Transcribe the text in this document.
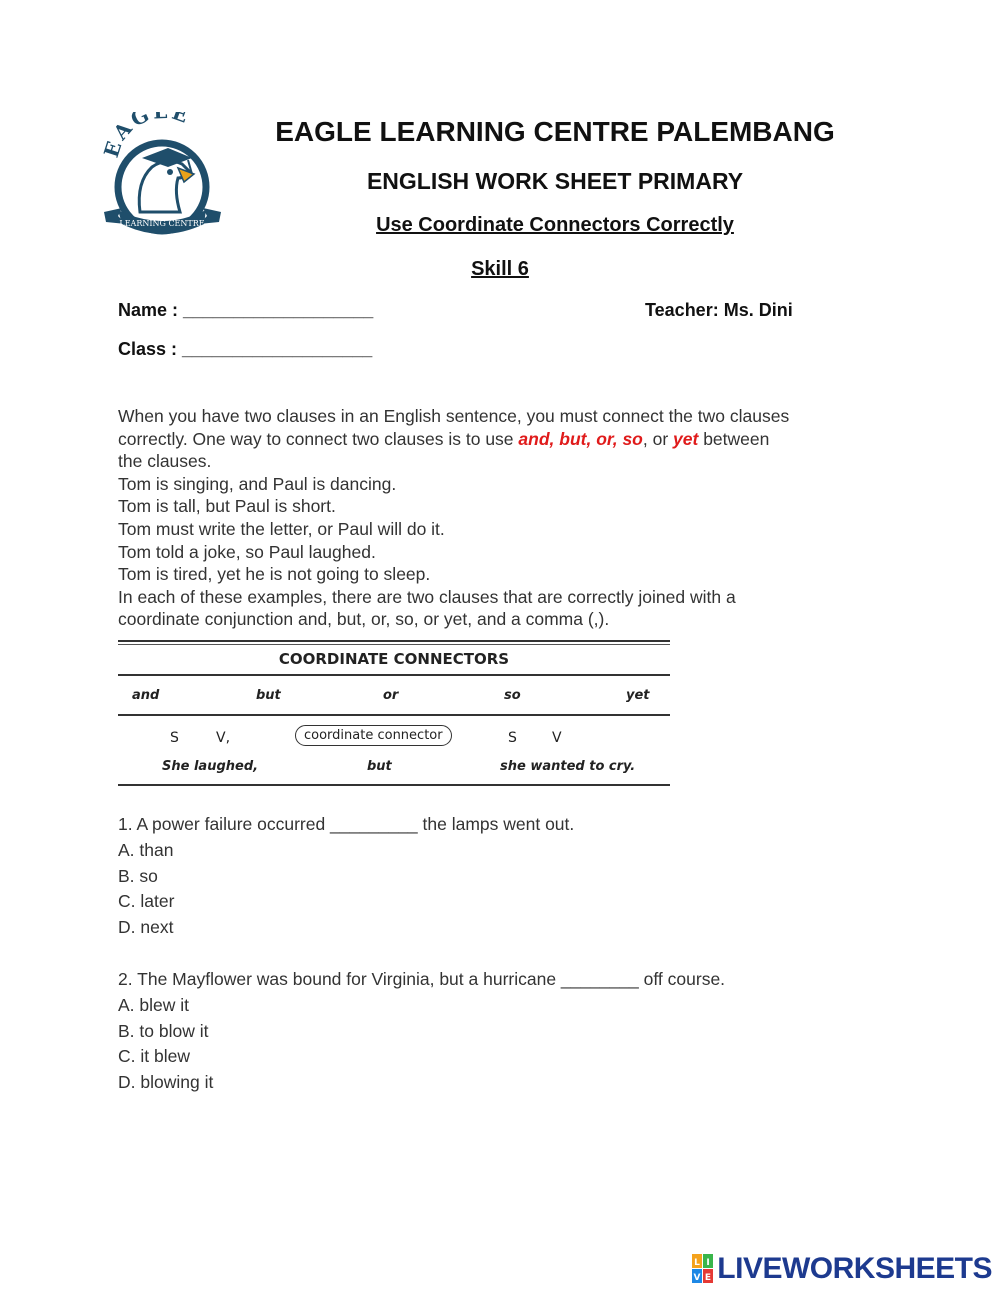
EAG E
LEARNING CENTRE
EAGLE LEARNING CENTRE PALEMBANG
ENGLISH WORK SHEET PRIMARY
Use Coordinate Connectors Correctly
Skill 6
Name : ___________________	Teacher: Ms. Dini
Class : ___________________
When you have two clauses in an English sentence, you must connect the two clauses
correctly. One way to connect two clauses is to use and, but, or, so, or yet between
the clauses.
Tom is singing, and Paul is dancing.
Tom is tall, but Paul is short.
Tom must write the letter, or Paul will do it.
Tom told a joke, so Paul laughed.
Tom is tired, yet he is not going to sleep.
In each of these examples, there are two clauses that are correctly joined with a
coordinate conjunction and, but, or, so, or yet, and a comma (,).
COORDINATE CONNECTORS
and	but	or	so	yet
S	V,	coordinate connector	S	V
She laughed,	but	she wanted to cry.
1. A power failure occurred _________ the lamps went out.
A. than
B. so
C. later
D. next
2. The Mayflower was bound for Virginia, but a hurricane ________ off course.
A. blew it
B. to blow it
C. it blew
D. blowing it
L I
V E LIVEWORKSHEETS
